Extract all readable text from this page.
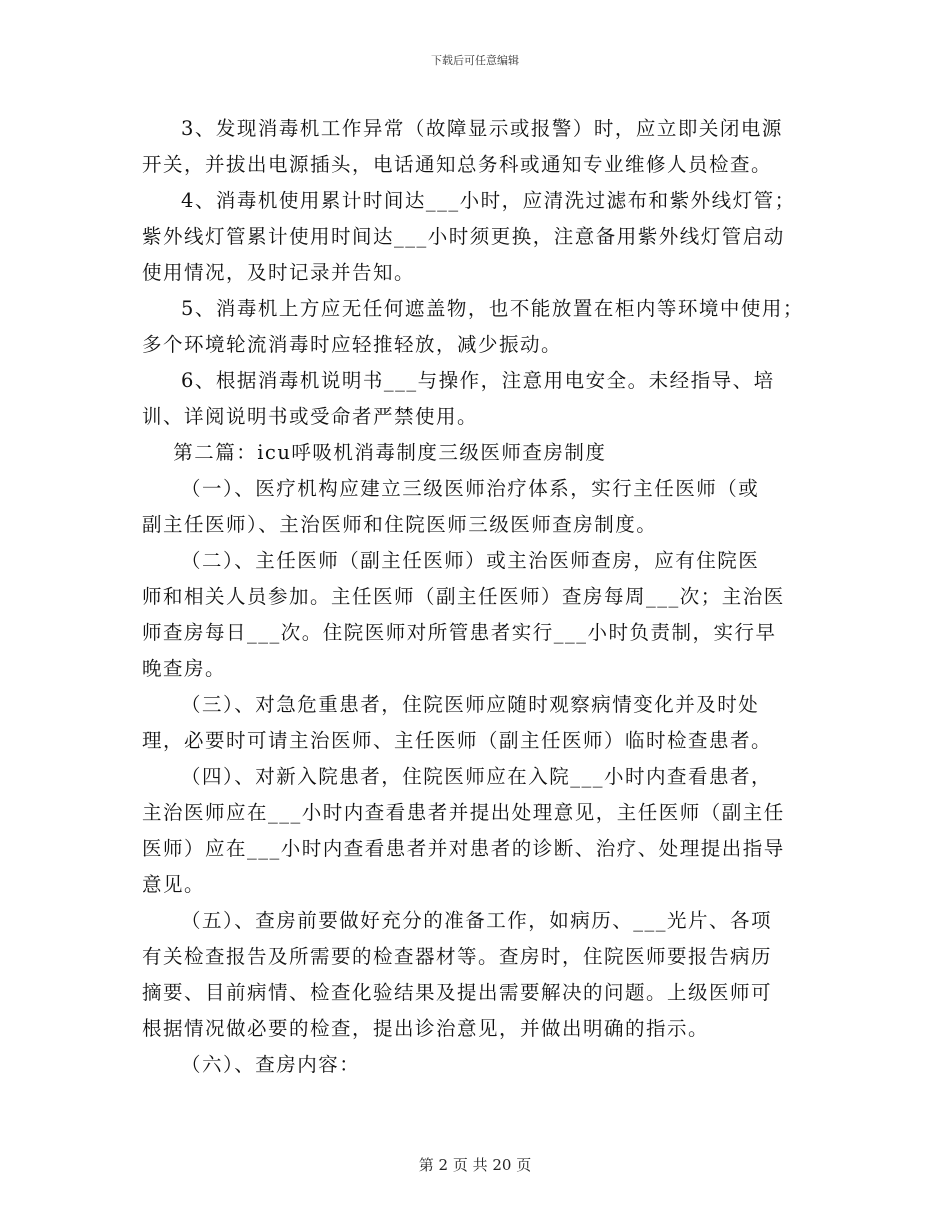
下载后可任意编辑

3、发现消毒机工作异常（故障显示或报警）时，应立即关闭电源
开关，并拔出电源插头，电话通知总务科或通知专业维修人员检查。

4、消毒机使用累计时间达___小时，应清洗过滤布和紫外线灯管；
紫外线灯管累计使用时间达___小时须更换，注意备用紫外线灯管启动
使用情况，及时记录并告知。

5、消毒机上方应无任何遮盖物，也不能放置在柜内等环境中使用；
多个环境轮流消毒时应轻推轻放，减少振动。

6、根据消毒机说明书___与操作，注意用电安全。未经指导、培
训、详阅说明书或受命者严禁使用。

第二篇：icu呼吸机消毒制度三级医师查房制度

（一）、医疗机构应建立三级医师治疗体系，实行主任医师（或
副主任医师）、主治医师和住院医师三级医师查房制度。

（二）、主任医师（副主任医师）或主治医师查房，应有住院医
师和相关人员参加。主任医师（副主任医师）查房每周___次；主治医
师查房每日___次。住院医师对所管患者实行___小时负责制，实行早
晚查房。

（三）、对急危重患者，住院医师应随时观察病情变化并及时处
理，必要时可请主治医师、主任医师（副主任医师）临时检查患者。

（四）、对新入院患者，住院医师应在入院___小时内查看患者，
主治医师应在___小时内查看患者并提出处理意见，主任医师（副主任
医师）应在___小时内查看患者并对患者的诊断、治疗、处理提出指导
意见。

（五）、查房前要做好充分的准备工作，如病历、___光片、各项
有关检查报告及所需要的检查器材等。查房时，住院医师要报告病历
摘要、目前病情、检查化验结果及提出需要解决的问题。上级医师可
根据情况做必要的检查，提出诊治意见，并做出明确的指示。

（六）、查房内容：

第 2 页 共 20 页
